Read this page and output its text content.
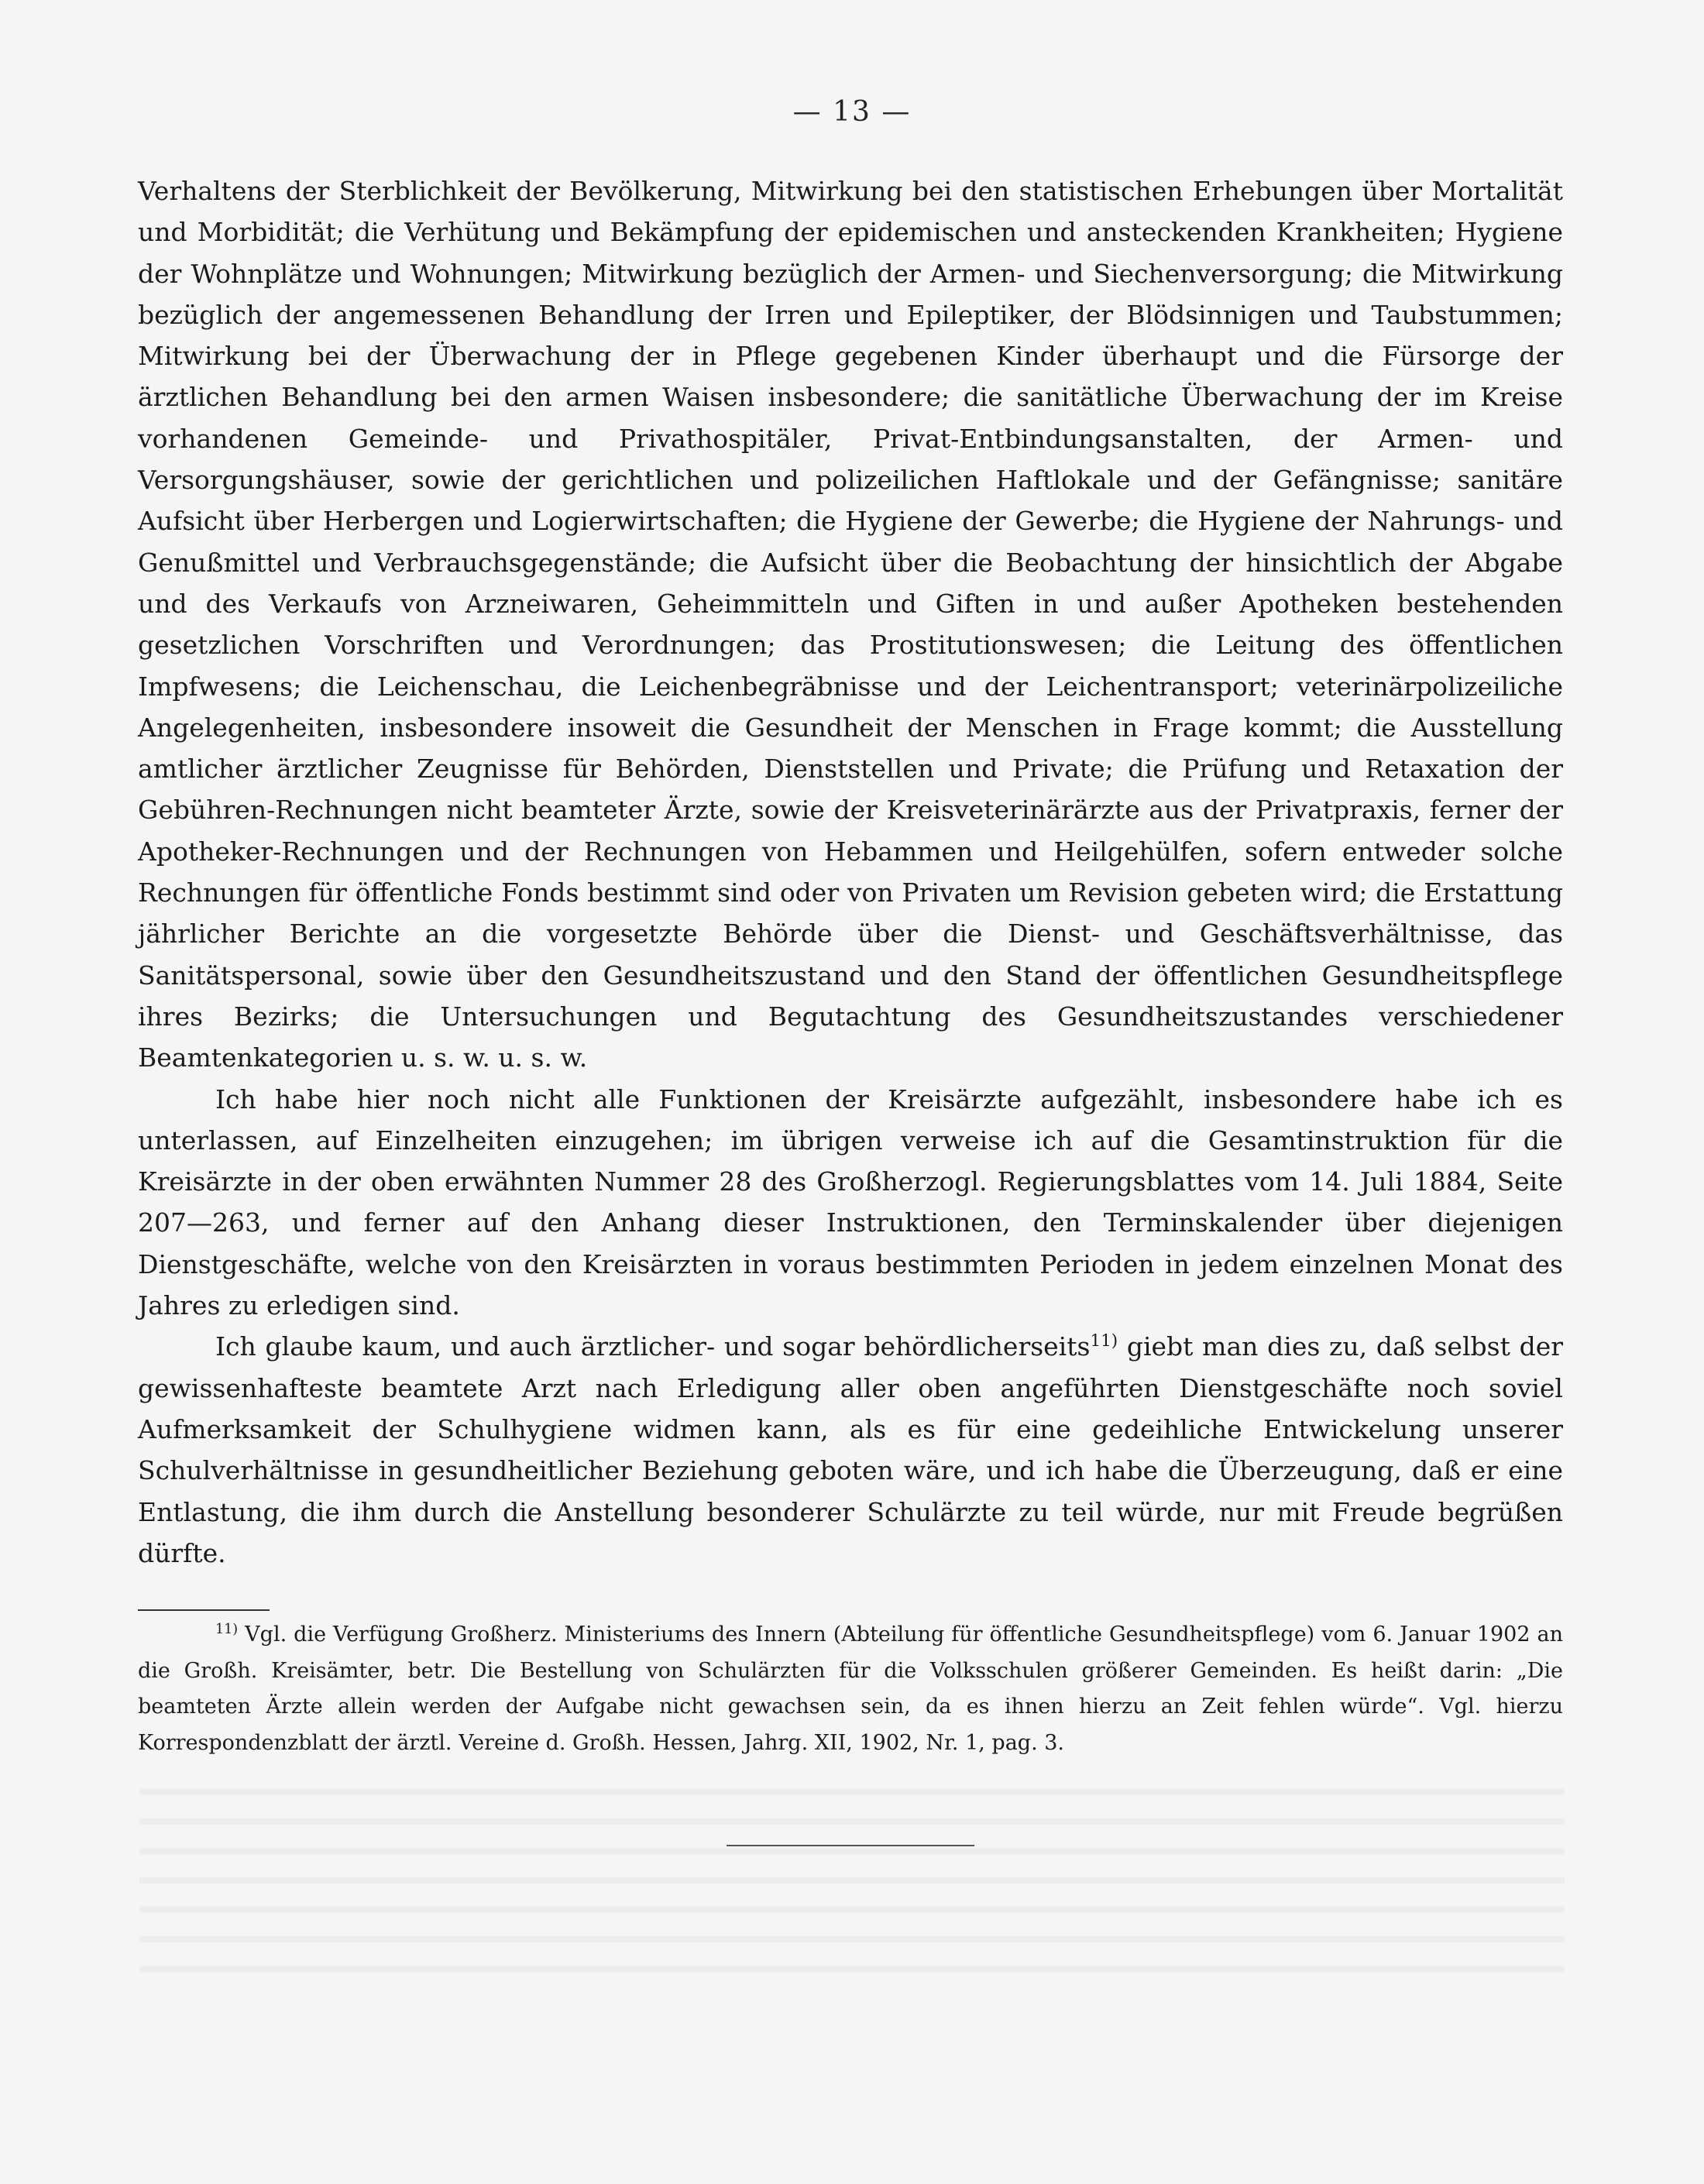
— 13 —

Verhaltens der Sterblichkeit der Bevölkerung, Mitwirkung bei den statistischen Erhebungen über Mortalität und Morbidität; die Verhütung und Bekämpfung der epidemischen und ansteckenden Krankheiten; Hygiene der Wohnplätze und Wohnungen; Mitwirkung bezüglich der Armen- und Siechenversorgung; die Mitwirkung bezüglich der angemessenen Behandlung der Irren und Epileptiker, der Blödsinnigen und Taubstummen; Mitwirkung bei der Überwachung der in Pflege gegebenen Kinder überhaupt und die Fürsorge der ärztlichen Behandlung bei den armen Waisen insbesondere; die sanitätliche Überwachung der im Kreise vorhandenen Gemeinde- und Privathospitäler, Privat-Entbindungsanstalten, der Armen- und Versorgungshäuser, sowie der gerichtlichen und polizeilichen Haftlokale und der Gefängnisse; sanitäre Aufsicht über Herbergen und Logierwirtschaften; die Hygiene der Gewerbe; die Hygiene der Nahrungs- und Genußmittel und Verbrauchsgegenstände; die Aufsicht über die Beobachtung der hinsichtlich der Abgabe und des Verkaufs von Arzneiwaren, Geheimmitteln und Giften in und außer Apotheken bestehenden gesetzlichen Vorschriften und Verordnungen; das Prostitutionswesen; die Leitung des öffentlichen Impfwesens; die Leichenschau, die Leichenbegräbnisse und der Leichentransport; veterinärpolizeiliche Angelegenheiten, insbesondere insoweit die Gesundheit der Menschen in Frage kommt; die Ausstellung amtlicher ärztlicher Zeugnisse für Behörden, Dienststellen und Private; die Prüfung und Retaxation der Gebühren-Rechnungen nicht beamteter Ärzte, sowie der Kreisveterinärärzte aus der Privatpraxis, ferner der Apotheker-Rechnungen und der Rechnungen von Hebammen und Heilgehülfen, sofern entweder solche Rechnungen für öffentliche Fonds bestimmt sind oder von Privaten um Revision gebeten wird; die Erstattung jährlicher Berichte an die vorgesetzte Behörde über die Dienst- und Geschäftsverhältnisse, das Sanitätspersonal, sowie über den Gesundheitszustand und den Stand der öffentlichen Gesundheitspflege ihres Bezirks; die Untersuchungen und Begutachtung des Gesundheitszustandes verschiedener Beamtenkategorien u. s. w. u. s. w.

Ich habe hier noch nicht alle Funktionen der Kreisärzte aufgezählt, insbesondere habe ich es unterlassen, auf Einzelheiten einzugehen; im übrigen verweise ich auf die Gesamtinstruktion für die Kreisärzte in der oben erwähnten Nummer 28 des Großherzogl. Regierungsblattes vom 14. Juli 1884, Seite 207—263, und ferner auf den Anhang dieser Instruktionen, den Terminskalender über diejenigen Dienstgeschäfte, welche von den Kreisärzten in voraus bestimmten Perioden in jedem einzelnen Monat des Jahres zu erledigen sind.

Ich glaube kaum, und auch ärztlicher- und sogar behördlicherseits$^{11)}$ giebt man dies zu, daß selbst der gewissenhafteste beamtete Arzt nach Erledigung aller oben angeführten Dienstgeschäfte noch soviel Aufmerksamkeit der Schulhygiene widmen kann, als es für eine gedeihliche Entwickelung unserer Schulverhältnisse in gesundheitlicher Beziehung geboten wäre, und ich habe die Überzeugung, daß er eine Entlastung, die ihm durch die Anstellung besonderer Schulärzte zu teil würde, nur mit Freude begrüßen dürfte.

$^{11)}$ Vgl. die Verfügung Großherz. Ministeriums des Innern (Abteilung für öffentliche Gesundheitspflege) vom 6. Januar 1902 an die Großh. Kreisämter, betr. Die Bestellung von Schulärzten für die Volksschulen größerer Gemeinden. Es heißt darin: „Die beamteten Ärzte allein werden der Aufgabe nicht gewachsen sein, da es ihnen hierzu an Zeit fehlen würde“. Vgl. hierzu Korrespondenzblatt der ärztl. Vereine d. Großh. Hessen, Jahrg. XII, 1902, Nr. 1, pag. 3.
